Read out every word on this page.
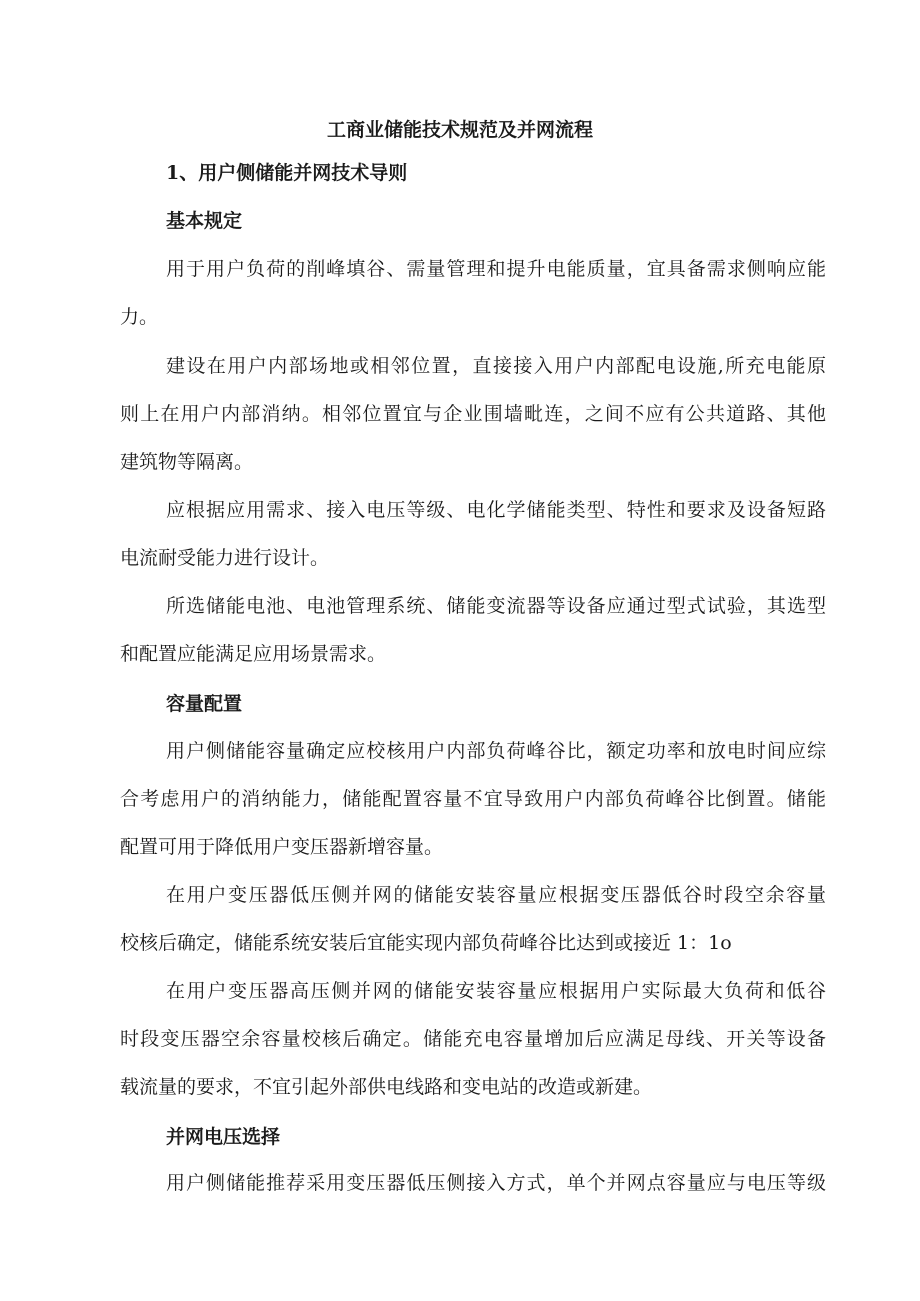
工商业储能技术规范及并网流程
1、用户侧储能并网技术导则
基本规定
用于用户负荷的削峰填谷、需量管理和提升电能质量，宜具备需求侧响应能
力。
建设在用户内部场地或相邻位置，直接接入用户内部配电设施,所充电能原
则上在用户内部消纳。相邻位置宜与企业围墙毗连，之间不应有公共道路、其他
建筑物等隔离。
应根据应用需求、接入电压等级、电化学储能类型、特性和要求及设备短路
电流耐受能力进行设计。
所选储能电池、电池管理系统、储能变流器等设备应通过型式试验，其选型
和配置应能满足应用场景需求。
容量配置
用户侧储能容量确定应校核用户内部负荷峰谷比，额定功率和放电时间应综
合考虑用户的消纳能力，储能配置容量不宜导致用户内部负荷峰谷比倒置。储能
配置可用于降低用户变压器新增容量。
在用户变压器低压侧并网的储能安装容量应根据变压器低谷时段空余容量
校核后确定，储能系统安装后宜能实现内部负荷峰谷比达到或接近 1：1o
在用户变压器高压侧并网的储能安装容量应根据用户实际最大负荷和低谷
时段变压器空余容量校核后确定。储能充电容量增加后应满足母线、开关等设备
载流量的要求，不宜引起外部供电线路和变电站的改造或新建。
并网电压选择
用户侧储能推荐采用变压器低压侧接入方式，单个并网点容量应与电压等级
